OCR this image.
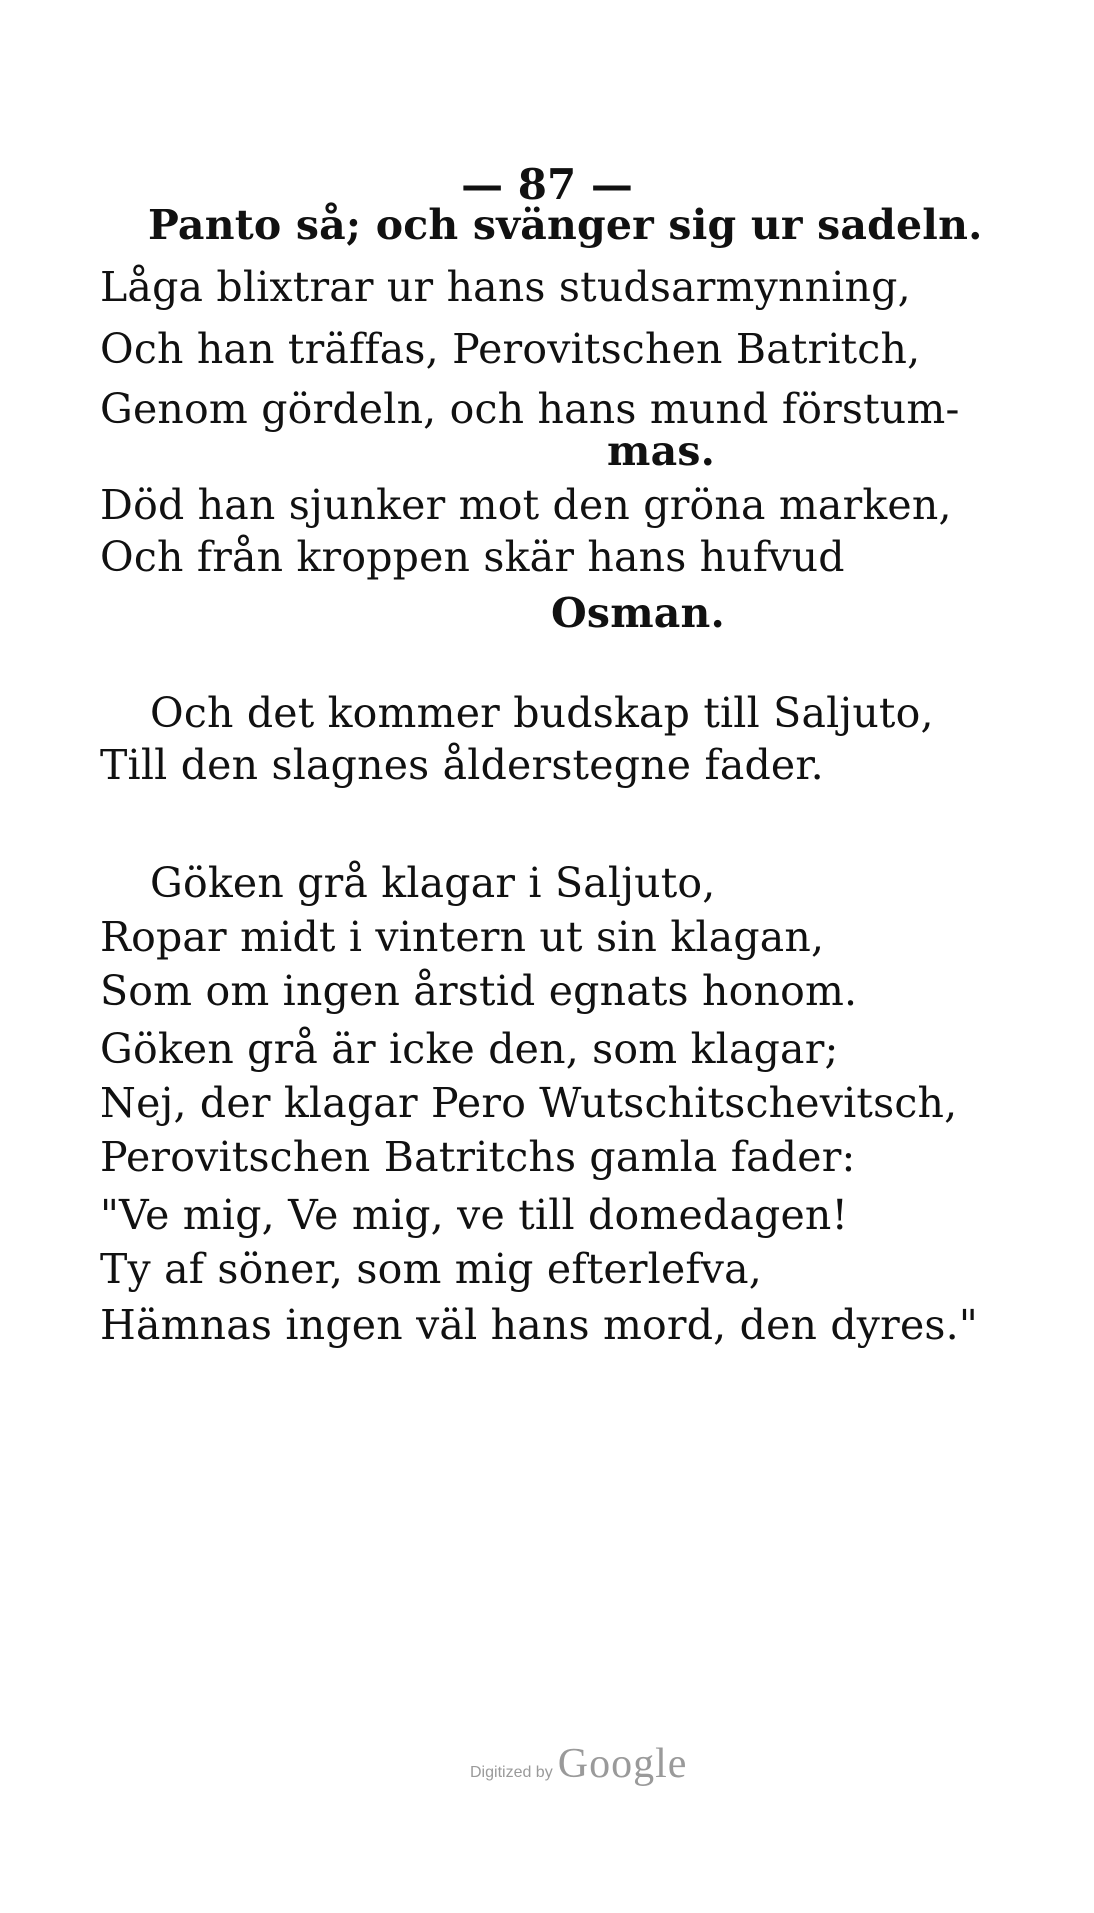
— 87 —
Panto så; och svänger sig ur sadeln.
Låga blixtrar ur hans studsarmynning,
Och han träffas, Perovitschen Batritch,
Genom gördeln, och hans mund förstum-
mas.
Död han sjunker mot den gröna marken,
Och från kroppen skär hans hufvud
Osman.
Och det kommer budskap till Saljuto,
Till den slagnes ålderstegne fader.
Göken grå klagar i Saljuto,
Ropar midt i vintern ut sin klagan,
Som om ingen årstid egnats honom.
Göken grå är icke den, som klagar;
Nej, der klagar Pero Wutschitschevitsch,
Perovitschen Batritchs gamla fader:
"Ve mig, Ve mig, ve till domedagen!
Ty af söner, som mig efterlefva,
Hämnas ingen väl hans mord, den dyres."
Digitized by Google
